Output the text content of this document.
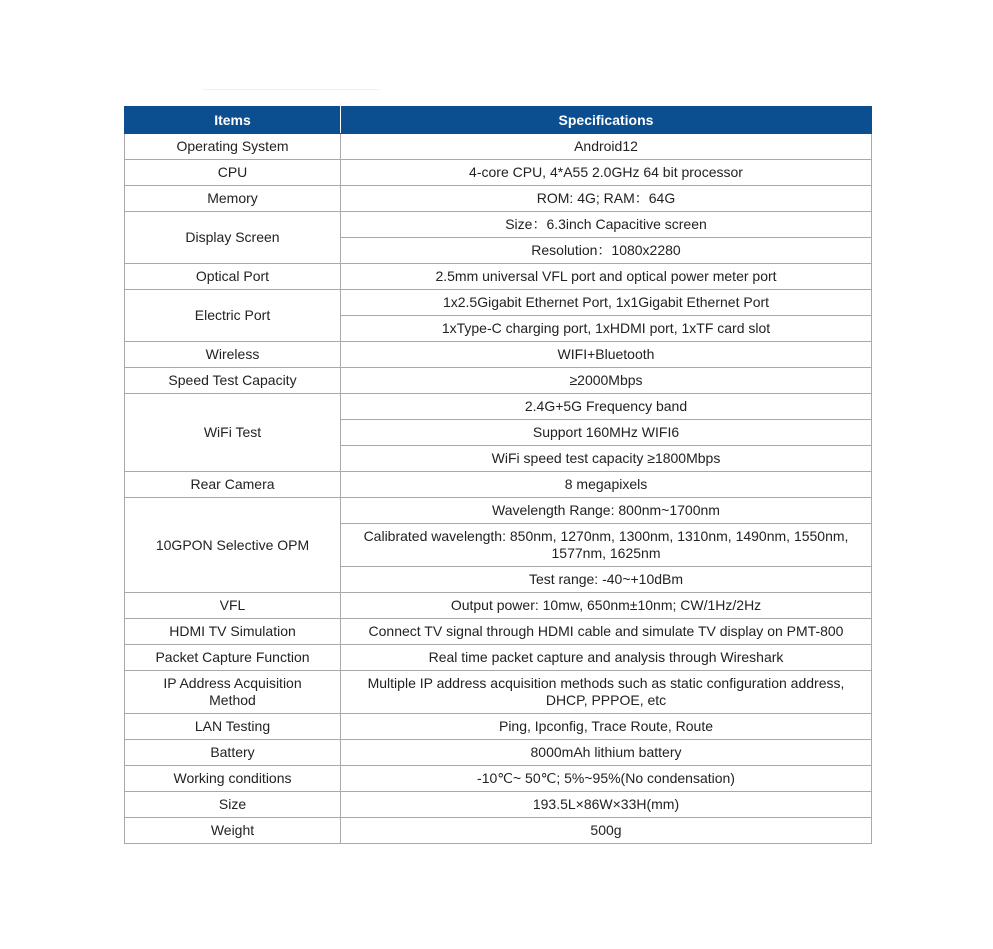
Items	Specifications
Operating System	Android12
CPU	4-core CPU, 4*A55 2.0GHz 64 bit processor
Memory	ROM: 4G; RAM：64G
Display Screen	Size：6.3inch Capacitive screen
	Resolution：1080x2280
Optical Port	2.5mm universal VFL port and optical power meter port
Electric Port	1x2.5Gigabit Ethernet Port, 1x1Gigabit Ethernet Port
	1xType-C charging port, 1xHDMI port, 1xTF card slot
Wireless	WIFI+Bluetooth
Speed Test Capacity	≥2000Mbps
WiFi Test	2.4G+5G Frequency band
	Support 160MHz WIFI6
	WiFi speed test capacity ≥1800Mbps
Rear Camera	8 megapixels
10GPON Selective OPM	Wavelength Range: 800nm~1700nm
	Calibrated wavelength: 850nm, 1270nm, 1300nm, 1310nm, 1490nm, 1550nm, 1577nm, 1625nm
	Test range: -40~+10dBm
VFL	Output power: 10mw, 650nm±10nm; CW/1Hz/2Hz
HDMI TV Simulation	Connect TV signal through HDMI cable and simulate TV display on PMT-800
Packet Capture Function	Real time packet capture and analysis through Wireshark
IP Address Acquisition Method	Multiple IP address acquisition methods such as static configuration address, DHCP, PPPOE, etc
LAN Testing	Ping, Ipconfig, Trace Route, Route
Battery	8000mAh lithium battery
Working conditions	-10℃~ 50℃; 5%~95%(No condensation)
Size	193.5L×86W×33H(mm)
Weight	500g
